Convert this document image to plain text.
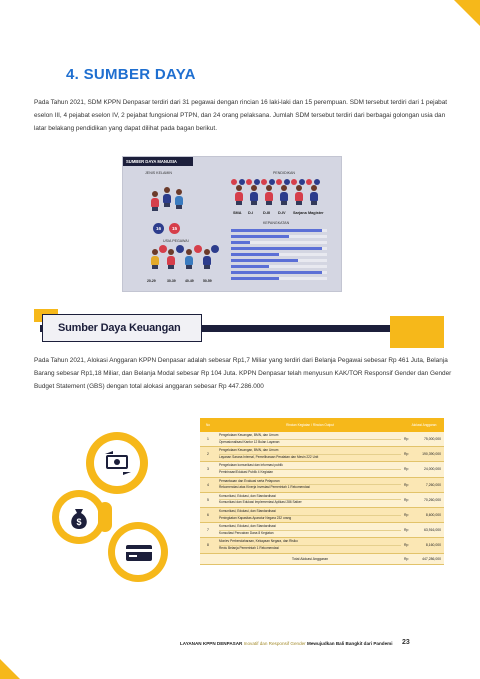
4. SUMBER DAYA

Pada Tahun 2021, SDM KPPN Denpasar terdiri dari 31 pegawai dengan rincian 16 laki-laki dan 15 perempuan. SDM tersebut terdiri dari 1 pejabat eselon III, 4 pejabat eselon IV, 2 pejabat fungsional PTPN, dan 24 orang pelaksana. Jumlah SDM tersebut terdiri dari berbagai golongan usia dan latar belakang pendidikan yang dapat dilihat pada bagan berikut.

SUMBER DAYA MANUSIA
JENIS KELAMIN
16	15
USIA PEGAWAI
20-29	30-39	40-49	50-59
PENDIDIKAN
SMA D-I	D-III D-IV Sarjana Magister
KEPANGKATAN
Sumber Daya Keuangan

Pada Tahun 2021, Alokasi Anggaran KPPN Denpasar adalah sebesar Rp1,7 Miliar yang terdiri dari Belanja Pegawai sebesar Rp 461 Juta, Belanja Barang sebesar Rp1,18 Miliar, dan Belanja Modal sebesar Rp 104 Juta. KPPN Denpasar telah menyusun KAK/TOR Responsif Gender dan Gender Budget Statement (GBS) dengan total alokasi anggaran sebesar Rp 447.286.000

$
No	Rincian Kegiatan / Rincian Output	Alokasi Anggaran
1
Pengelolaan Keuangan, BMN, dan Umum
Operasionalisasi Kantor 12 Bulan Layanan
Rp	75,000,000
2
Pengelolaan Keuangan, BMN, dan Umum
Layanan Sarana Internal, Pemeliharaan Peralatan dan Mesin 222 Unit
Rp	190,390,000
3
Pengelolaan komunikasi dan informasi publik
Pembinaan/Edukasi Publik 4 Kegiatan
Rp	24,000,000
4
Pemantauan dan Evaluasi serta Pelaporan
Rekomendasi atas Kinerja Investasi Pemerintah 1 Rekomendasi
Rp	7,260,000
5
Komunikasi, Edukasi, dan Standardisasi
Komunikasi dan Edukasi Implementasi Aplikasi 286 Satker
Rp	70,260,000
6
Komunikasi, Edukasi, dan Standardisasi
Peningkatan Kapasitas Aparatur Negara 232 orang
Rp	8,600,000
7
Komunikasi, Edukasi, dan Standardisasi
Konsultasi Pencairan Dana 8 Kegiatan
Rp	63,916,000
8
Moniev Perbendaharaan, Kekayaan Negara, dan Risiko
Reviu Belanja Pemerintah 1 Rekomendasi
Rp	8,160,000
Total Alokasi Anggaran	Rp	447,286,000
LAYANAN KPPN DENPASAR Inovatif dan Responsif Gender Mewujudkan Bali Bangkit dari Pandemi 23
